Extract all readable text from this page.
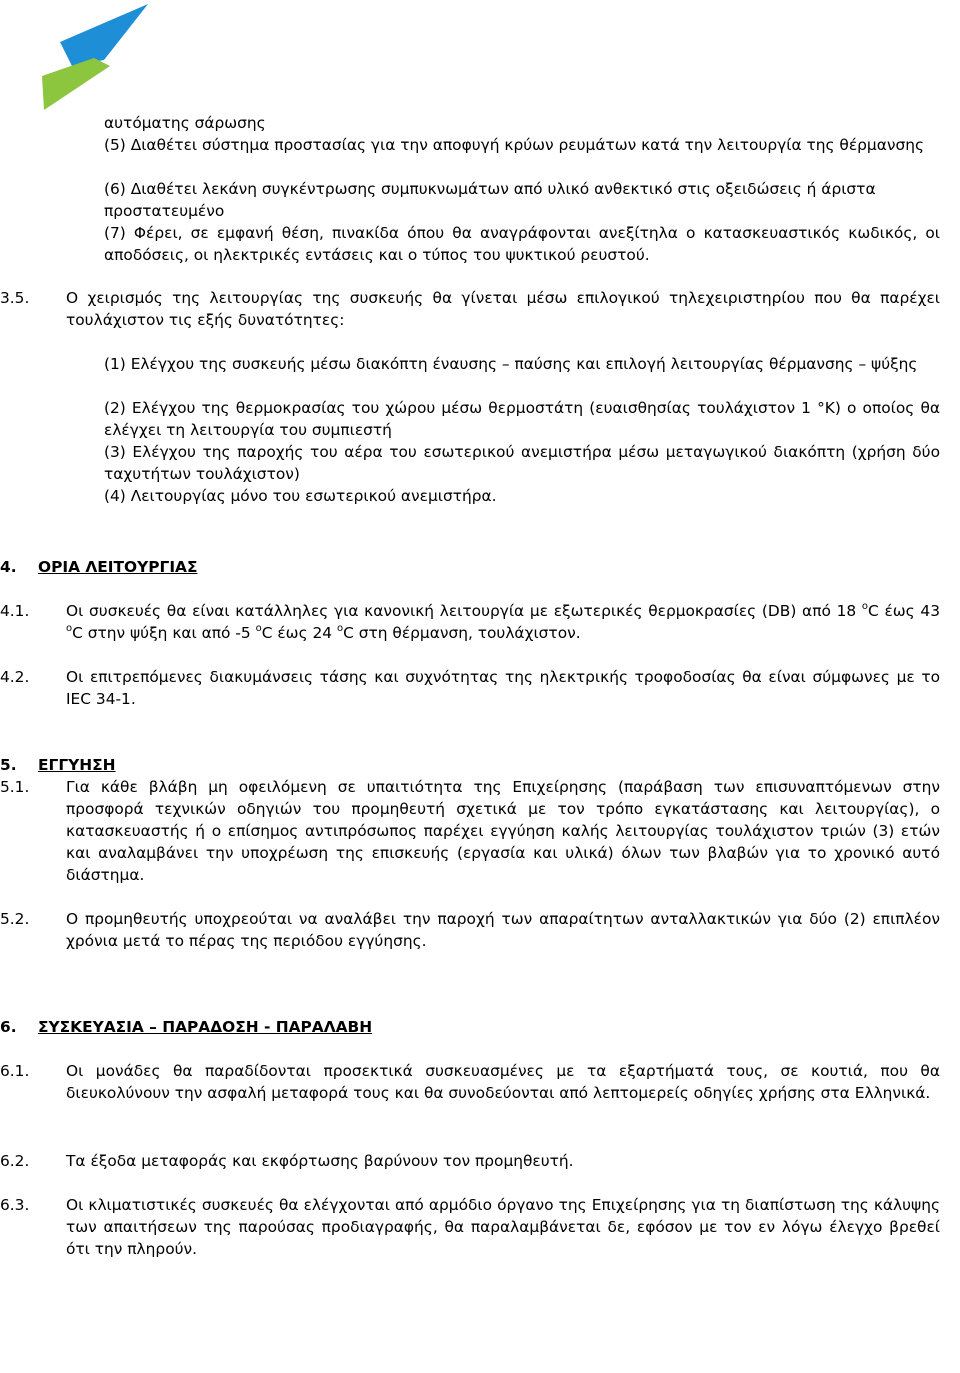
αυτόματης σάρωσης
(5) Διαθέτει σύστημα προστασίας για την αποφυγή κρύων ρευμάτων κατά την λειτουργία της θέρμανσης
(6) Διαθέτει λεκάνη συγκέντρωσης συμπυκνωμάτων από υλικό ανθεκτικό στις οξειδώσεις ή άριστα προστατευμένο
(7) Φέρει, σε εμφανή θέση, πινακίδα όπου θα αναγράφονται ανεξίτηλα ο κατασκευαστικός κωδικός, οι αποδόσεις, οι ηλεκτρικές εντάσεις και ο τύπος του ψυκτικού ρευστού.
3.5. Ο χειρισμός της λειτουργίας της συσκευής θα γίνεται μέσω επιλογικού τηλεχειριστηρίου που θα παρέχει τουλάχιστον τις εξής δυνατότητες:
(1) Ελέγχου της συσκευής μέσω διακόπτη έναυσης – παύσης και επιλογή λειτουργίας θέρμανσης – ψύξης
(2) Ελέγχου της θερμοκρασίας του χώρου μέσω θερμοστάτη (ευαισθησίας τουλάχιστον 1 °K) ο οποίος θα ελέγχει τη λειτουργία του συμπιεστή
(3) Ελέγχου της παροχής του αέρα του εσωτερικού ανεμιστήρα μέσω μεταγωγικού διακόπτη (χρήση δύο ταχυτήτων τουλάχιστον)
(4) Λειτουργίας μόνο του εσωτερικού ανεμιστήρα.
4. ΟΡΙΑ ΛΕΙΤΟΥΡΓΙΑΣ
4.1. Οι συσκευές θα είναι κατάλληλες για κανονική λειτουργία με εξωτερικές θερμοκρασίες (DB) από 18 $^o$C έως 43 $^o$C στην ψύξη και από -5 $^o$C έως 24 $^o$C στη θέρμανση, τουλάχιστον.
4.2. Οι επιτρεπόμενες διακυμάνσεις τάσης και συχνότητας της ηλεκτρικής τροφοδοσίας θα είναι σύμφωνες με το IEC 34-1.
5. ΕΓΓΥΗΣΗ
5.1. Για κάθε βλάβη μη οφειλόμενη σε υπαιτιότητα της Επιχείρησης (παράβαση των επισυναπτόμενων στην προσφορά τεχνικών οδηγιών του προμηθευτή σχετικά με τον τρόπο εγκατάστασης και λειτουργίας), ο κατασκευαστής ή ο επίσημος αντιπρόσωπος παρέχει εγγύηση καλής λειτουργίας τουλάχιστον τριών (3) ετών και αναλαμβάνει την υποχρέωση της επισκευής (εργασία και υλικά) όλων των βλαβών για το χρονικό αυτό διάστημα.
5.2. Ο προμηθευτής υποχρεούται να αναλάβει την παροχή των απαραίτητων ανταλλακτικών για δύο (2) επιπλέον χρόνια μετά το πέρας της περιόδου εγγύησης.
6. ΣΥΣΚΕΥΑΣΙΑ – ΠΑΡΑΔΟΣΗ - ΠΑΡΑΛΑΒΗ
6.1. Οι μονάδες θα παραδίδονται προσεκτικά συσκευασμένες με τα εξαρτήματά τους, σε κουτιά, που θα διευκολύνουν την ασφαλή μεταφορά τους και θα συνοδεύονται από λεπτομερείς οδηγίες χρήσης στα Ελληνικά.
6.2. Τα έξοδα μεταφοράς και εκφόρτωσης βαρύνουν τον προμηθευτή.
6.3. Οι κλιματιστικές συσκευές θα ελέγχονται από αρμόδιο όργανο της Επιχείρησης για τη διαπίστωση της κάλυψης των απαιτήσεων της παρούσας προδιαγραφής, θα παραλαμβάνεται δε, εφόσον με τον εν λόγω έλεγχο βρεθεί ότι την πληρούν.
